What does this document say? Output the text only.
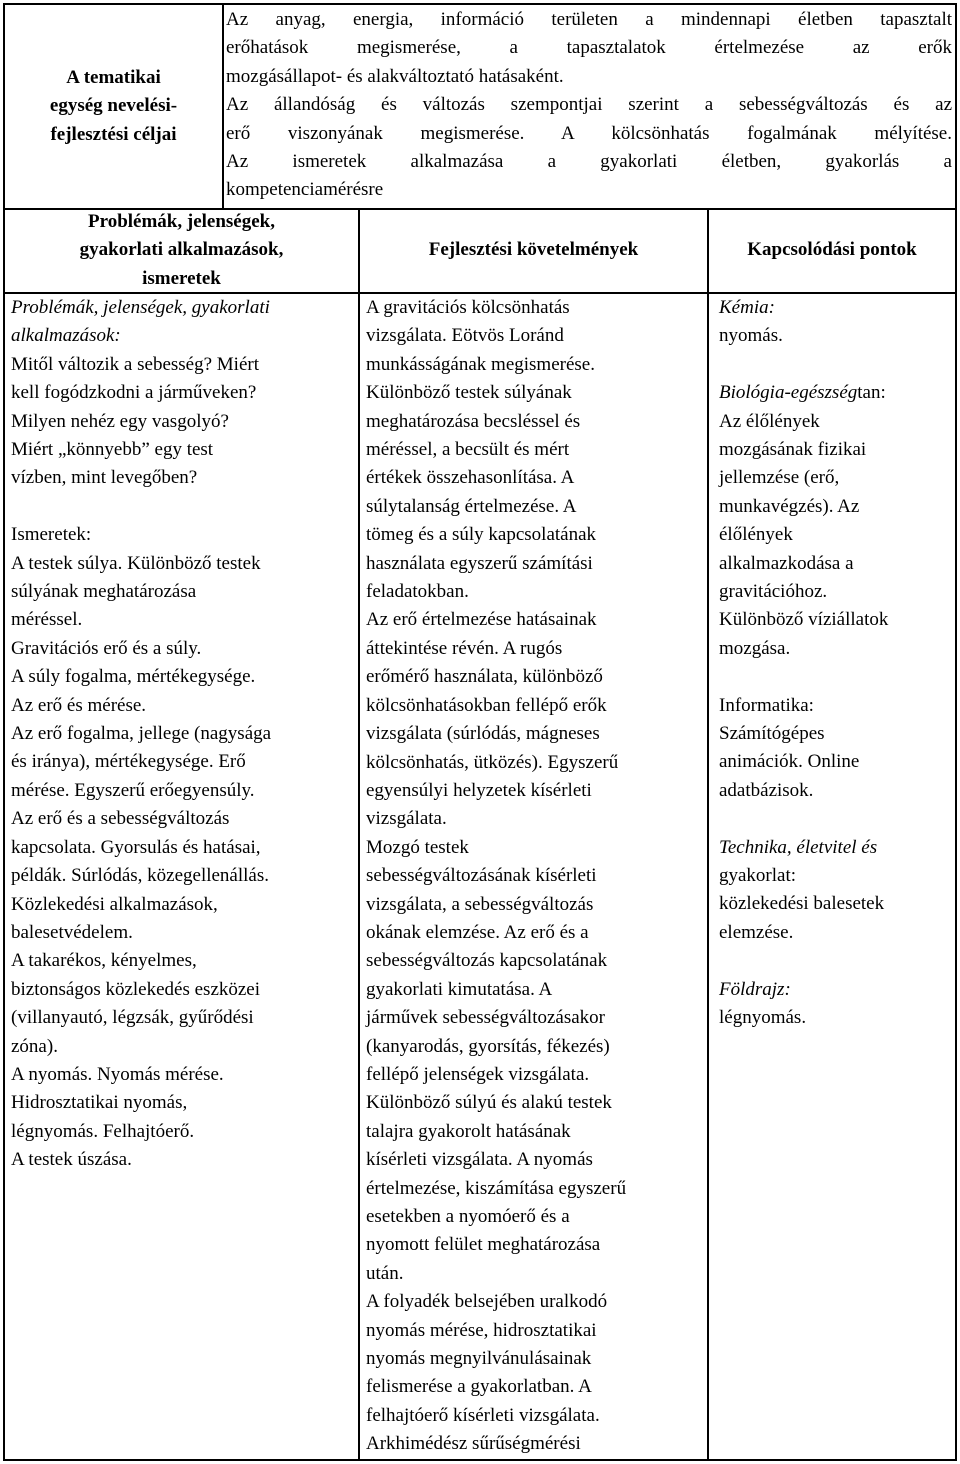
A tematikai
egység nevelési-
fejlesztési céljai
Az anyag, energia, információ területen a mindennapi életben tapasztalt
erőhatások megismerése, a tapasztalatok értelmezése az erők
mozgásállapot- és alakváltoztató hatásaként.
Az állandóság és változás szempontjai szerint a sebességváltozás és az
erő viszonyának megismerése. A kölcsönhatás fogalmának mélyítése.
Az ismeretek alkalmazása a gyakorlati életben, gyakorlás a
kompetenciamérésre
Problémák, jelenségek,
gyakorlati alkalmazások,
ismeretek
Fejlesztési követelmények	Kapcsolódási pontok
Problémák, jelenségek, gyakorlati
alkalmazások:
Mitől változik a sebesség? Miért
kell fogódzkodni a járműveken?
Milyen nehéz egy vasgolyó?
Miért „könnyebb” egy test
vízben, mint levegőben?
Ismeretek:
A testek súlya. Különböző testek
súlyának meghatározása
méréssel.
Gravitációs erő és a súly.
A súly fogalma, mértékegysége.
Az erő és mérése.
Az erő fogalma, jellege (nagysága
és iránya), mértékegysége. Erő
mérése. Egyszerű erőegyensúly.
Az erő és a sebességváltozás
kapcsolata. Gyorsulás és hatásai,
példák. Súrlódás, közegellenállás.
Közlekedési alkalmazások,
balesetvédelem.
A takarékos, kényelmes,
biztonságos közlekedés eszközei
(villanyautó, légzsák, gyűrődési
zóna).
A nyomás. Nyomás mérése.
Hidrosztatikai nyomás,
légnyomás. Felhajtóerő.
A testek úszása.
A gravitációs kölcsönhatás
vizsgálata. Eötvös Loránd
munkásságának megismerése.
Különböző testek súlyának
meghatározása becsléssel és
méréssel, a becsült és mért
értékek összehasonlítása. A
súlytalanság értelmezése. A
tömeg és a súly kapcsolatának
használata egyszerű számítási
feladatokban.
Az erő értelmezése hatásainak
áttekintése révén. A rugós
erőmérő használata, különböző
kölcsönhatásokban fellépő erők
vizsgálata (súrlódás, mágneses
kölcsönhatás, ütközés). Egyszerű
egyensúlyi helyzetek kísérleti
vizsgálata.
Mozgó testek
sebességváltozásának kísérleti
vizsgálata, a sebességváltozás
okának elemzése. Az erő és a
sebességváltozás kapcsolatának
gyakorlati kimutatása. A
járművek sebességváltozásakor
(kanyarodás, gyorsítás, fékezés)
fellépő jelenségek vizsgálata.
Különböző súlyú és alakú testek
talajra gyakorolt hatásának
kísérleti vizsgálata. A nyomás
értelmezése, kiszámítása egyszerű
esetekben a nyomóerő és a
nyomott felület meghatározása
után.
A folyadék belsejében uralkodó
nyomás mérése, hidrosztatikai
nyomás megnyilvánulásainak
felismerése a gyakorlatban. A
felhajtóerő kísérleti vizsgálata.
Arkhimédész sűrűségmérési
Kémia:
nyomás.
Biológia-egészségtan:
Az élőlények
mozgásának fizikai
jellemzése (erő,
munkavégzés). Az
élőlények
alkalmazkodása a
gravitációhoz.
Különböző víziállatok
mozgása.
Informatika:
Számítógépes
animációk. Online
adatbázisok.
Technika, életvitel és
gyakorlat:
közlekedési balesetek
elemzése.
Földrajz:
légnyomás.
